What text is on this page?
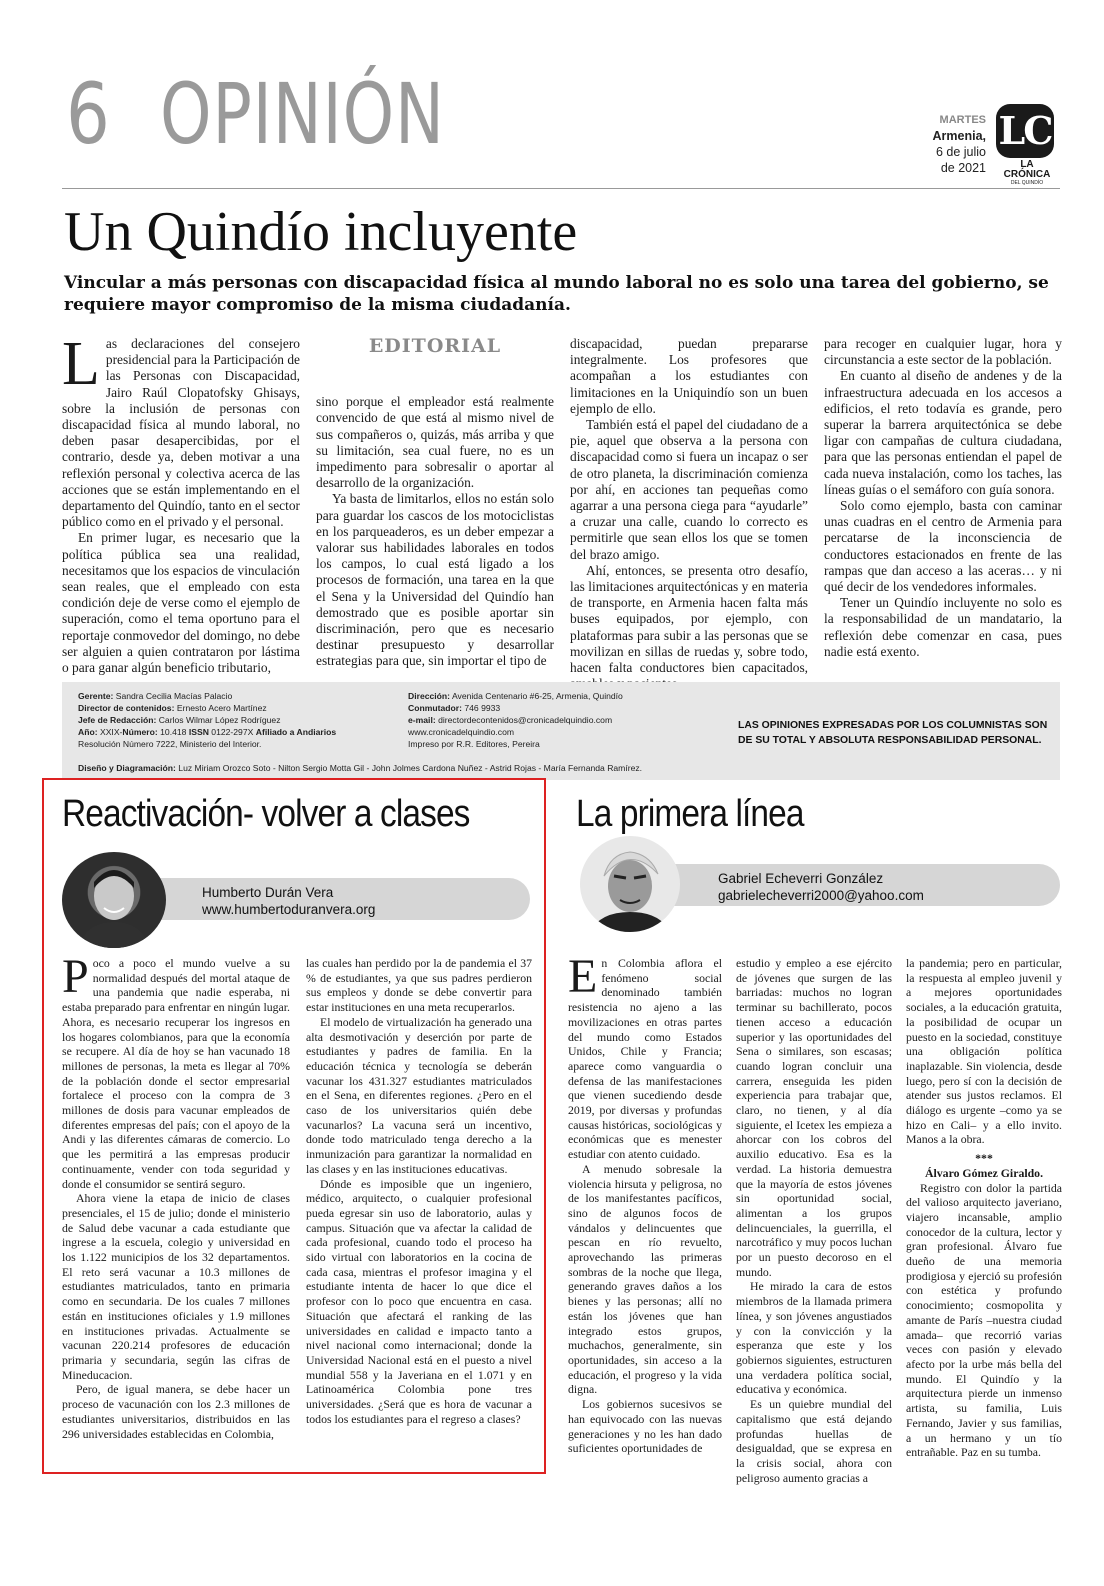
6 OPINIÓN	MARTES
Armenia,
6 de julio
de 2021
LC
LA CRÓNICA
DEL QUINDÍO
Un Quindío incluyente
Vincular a más personas con discapacidad física al mundo laboral no es solo una tarea del gobierno, se requiere mayor compromiso de la misma ciudadanía.

Las declaraciones del consejero presidencial para la Participación de las Personas con Discapacidad, Jairo Raúl Clopatofsky Ghisays, sobre la inclusión de personas con discapacidad física al mundo laboral, no deben pasar desapercibidas, por el contrario, desde ya, deben motivar a una reflexión personal y colectiva acerca de las acciones que se están implementando en el departamento del Quindío, tanto en el sector público como en el privado y el personal.

En primer lugar, es necesario que la política pública sea una realidad, necesitamos que los espacios de vinculación sean reales, que el empleado con esta condición deje de verse como el ejemplo de superación, como el tema oportuno para el reportaje conmovedor del domingo, no debe ser alguien a quien contrataron por lástima o para ganar algún beneficio tributario,

EDITORIAL

sino porque el empleador está realmente convencido de que está al mismo nivel de sus compañeros o, quizás, más arriba y que su limitación, sea cual fuere, no es un impedimento para sobresalir o aportar al desarrollo de la organización.

Ya basta de limitarlos, ellos no están solo para guardar los cascos de los motociclistas en los parqueaderos, es un deber empezar a valorar sus habilidades laborales en todos los campos, lo cual está ligado a los procesos de formación, una tarea en la que el Sena y la Universidad del Quindío han demostrado que es posible aportar sin discriminación, pero que es necesario destinar presupuesto y desarrollar estrategias para que, sin importar el tipo de

discapacidad, puedan prepararse integralmente. Los profesores que acompañan a los estudiantes con limitaciones en la Uniquindío son un buen ejemplo de ello.

También está el papel del ciudadano de a pie, aquel que observa a la persona con discapacidad como si fuera un incapaz o ser de otro planeta, la discriminación comienza por ahí, en acciones tan pequeñas como agarrar a una persona ciega para “ayudarle” a cruzar una calle, cuando lo correcto es permitirle que sean ellos los que se tomen del brazo amigo.

Ahí, entonces, se presenta otro desafío, las limitaciones arquitectónicas y en materia de transporte, en Armenia hacen falta más buses equipados, por ejemplo, con plataformas para subir a las personas que se movilizan en sillas de ruedas y, sobre todo, hacen falta conductores bien capacitados,

para recoger en cualquier lugar, hora y circunstancia a este sector de la población.

En cuanto al diseño de andenes y de la infraestructura adecuada en los accesos a edificios, el reto todavía es grande, pero superar la barrera arquitectónica se debe ligar con campañas de cultura ciudadana, para que las personas entiendan el papel de cada nueva instalación, como los taches, las líneas guías o el semáforo con guía sonora.

Solo como ejemplo, basta con caminar unas cuadras en el centro de Armenia para percatarse de la inconsciencia de conductores estacionados en frente de las rampas que dan acceso a las aceras… y ni qué decir de los vendedores informales.

Tener un Quindío incluyente no solo es la responsabilidad de un mandatario, la reflexión debe comenzar en casa, pues nadie está exento.

Gerente: Sandra Cecilia Macías Palacio
Director de contenidos: Ernesto Acero Martínez
Jefe de Redacción: Carlos Wilmar López Rodríguez
Año: XXIX-Número: 10.418 ISSN 0122-297X Afiliado a Andiarios
Resolución Número 7222, Ministerio del Interior.
Dirección: Avenida Centenario #6-25, Armenia, Quindío
Conmutador: 746 9933
e-mail: directordecontenidos@cronicadelquindio.com
www.cronicadelquindio.com
Impreso por R.R. Editores, Pereira
Diseño y Diagramación: Luz Miriam Orozco Soto - Nilton Sergio Motta Gil - John Jolmes Cardona Nuñez - Astrid Rojas - María Fernanda Ramírez.
LAS OPINIONES EXPRESADAS POR LOS COLUMNISTAS SON DE SU TOTAL Y ABSOLUTA RESPONSABILIDAD PERSONAL.
Reactivación- volver a clases
Humberto Durán Vera
www.humbertoduranvera.org

Poco a poco el mundo vuelve a su normalidad después del mortal ataque de una pandemia que nadie esperaba, ni estaba preparado para enfrentar en ningún lugar. Ahora, es necesario recuperar los ingresos en los hogares colombianos, para que la economía se recupere. Al día de hoy se han vacunado 18 millones de personas, la meta es llegar al 70% de la población donde el sector empresarial fortalece el proceso con la compra de 3 millones de dosis para vacunar empleados de diferentes empresas del país; con el apoyo de la Andi y las diferentes cámaras de comercio. Lo que les permitirá a las empresas producir continuamente, vender con toda seguridad y donde el consumidor se sentirá seguro.

Ahora viene la etapa de inicio de clases presenciales, el 15 de julio; donde el ministerio de Salud debe vacunar a cada estudiante que ingrese a la escuela, colegio y universidad en los 1.122 municipios de los 32 departamentos. El reto será vacunar a 10.3 millones de estudiantes matriculados, tanto en primaria como en secundaria. De los cuales 7 millones están en instituciones oficiales y 1.9 millones en instituciones privadas. Actualmente se vacunan 220.214 profesores de educación primaria y secundaria, según las cifras de Mineducacion.

Pero, de igual manera, se debe hacer un proceso de vacunación con los 2.3 millones de estudiantes universitarios, distribuidos en las 296 universidades establecidas en Colombia,

las cuales han perdido por la de pandemia el 37 % de estudiantes, ya que sus padres perdieron sus empleos y donde se debe convertir para estar instituciones en una meta recuperarlos.

El modelo de virtualización ha generado una alta desmotivación y deserción por parte de estudiantes y padres de familia. En la educación técnica y tecnología se deberán vacunar los 431.327 estudiantes matriculados en el Sena, en diferentes regiones. ¿Pero en el caso de los universitarios quién debe vacunarlos? La vacuna será un incentivo, donde todo matriculado tenga derecho a la inmunización para garantizar la normalidad en las clases y en las instituciones educativas.

Dónde es imposible que un ingeniero, médico, arquitecto, o cualquier profesional pueda egresar sin uso de laboratorio, aulas y campus. Situación que va afectar la calidad de cada profesional, cuando todo el proceso ha sido virtual con laboratorios en la cocina de cada casa, mientras el profesor imagina y el estudiante intenta de hacer lo que dice el profesor con lo poco que encuentra en casa. Situación que afectará el ranking de las universidades en calidad e impacto tanto a nivel nacional como internacional; donde la Universidad Nacional está en el puesto a nivel mundial 558 y la Javeriana en el 1.071 y en Latinoamérica Colombia pone tres universidades. ¿Será que es hora de vacunar a todos los estudiantes para el regreso a clases?

La primera línea
Gabriel Echeverri González
gabrielecheverri2000@yahoo.com

En Colombia aflora el fenómeno social denominado también resistencia no ajeno a las movilizaciones en otras partes del mundo como Estados Unidos, Chile y Francia; aparece como vanguardia o defensa de las manifestaciones que vienen sucediendo desde 2019, por diversas y profundas causas históricas, sociológicas y económicas que es menester estudiar con atento cuidado.

A menudo sobresale la violencia hirsuta y peligrosa, no de los manifestantes pacíficos, sino de algunos focos de vándalos y delincuentes que pescan en río revuelto, aprovechando las primeras sombras de la noche que llega, generando graves daños a los bienes y las personas; allí no están los jóvenes que han integrado estos grupos, muchachos, generalmente, sin oportunidades, sin acceso a la educación, el progreso y la vida digna.

Los gobiernos sucesivos se han equivocado con las nuevas generaciones y no les han dado suficientes oportunidades de

estudio y empleo a ese ejército de jóvenes que surgen de las barriadas: muchos no logran terminar su bachillerato, pocos tienen acceso a educación superior y las oportunidades del Sena o similares, son escasas; cuando logran concluir una carrera, enseguida les piden experiencia para trabajar que, claro, no tienen, y al día siguiente, el Icetex les empieza a ahorcar con los cobros del auxilio educativo. Esa es la verdad. La historia demuestra que la mayoría de estos jóvenes sin oportunidad social, alimentan a los grupos delincuenciales, la guerrilla, el narcotráfico y muy pocos luchan por un puesto decoroso en el mundo.

He mirado la cara de estos miembros de la llamada primera línea, y son jóvenes angustiados y con la convicción y la esperanza que este y los gobiernos siguientes, estructuren una verdadera política social, educativa y económica.

Es un quiebre mundial del capitalismo que está dejando profundas huellas de desigualdad, que se expresa en la crisis social, ahora con peligroso aumento gracias a

la pandemia; pero en particular, la respuesta al empleo juvenil y a mejores oportunidades sociales, a la educación gratuita, la posibilidad de ocupar un puesto en la sociedad, constituye una obligación política inaplazable. Sin violencia, desde luego, pero sí con la decisión de atender sus justos reclamos. El diálogo es urgente –como ya se hizo en Cali– y a ello invito. Manos a la obra.

***
Álvaro Gómez Giraldo.

Registro con dolor la partida del valioso arquitecto javeriano, viajero incansable, amplio conocedor de la cultura, lector y gran profesional. Álvaro fue dueño de una memoria prodigiosa y ejerció su profesión con estética y profundo conocimiento; cosmopolita y amante de París –nuestra ciudad amada– que recorrió varias veces con pasión y elevado afecto por la urbe más bella del mundo. El Quindío y la arquitectura pierde un inmenso artista, su familia, Luis Fernando, Javier y sus familias, a un hermano y un tío entrañable. Paz en su tumba.
